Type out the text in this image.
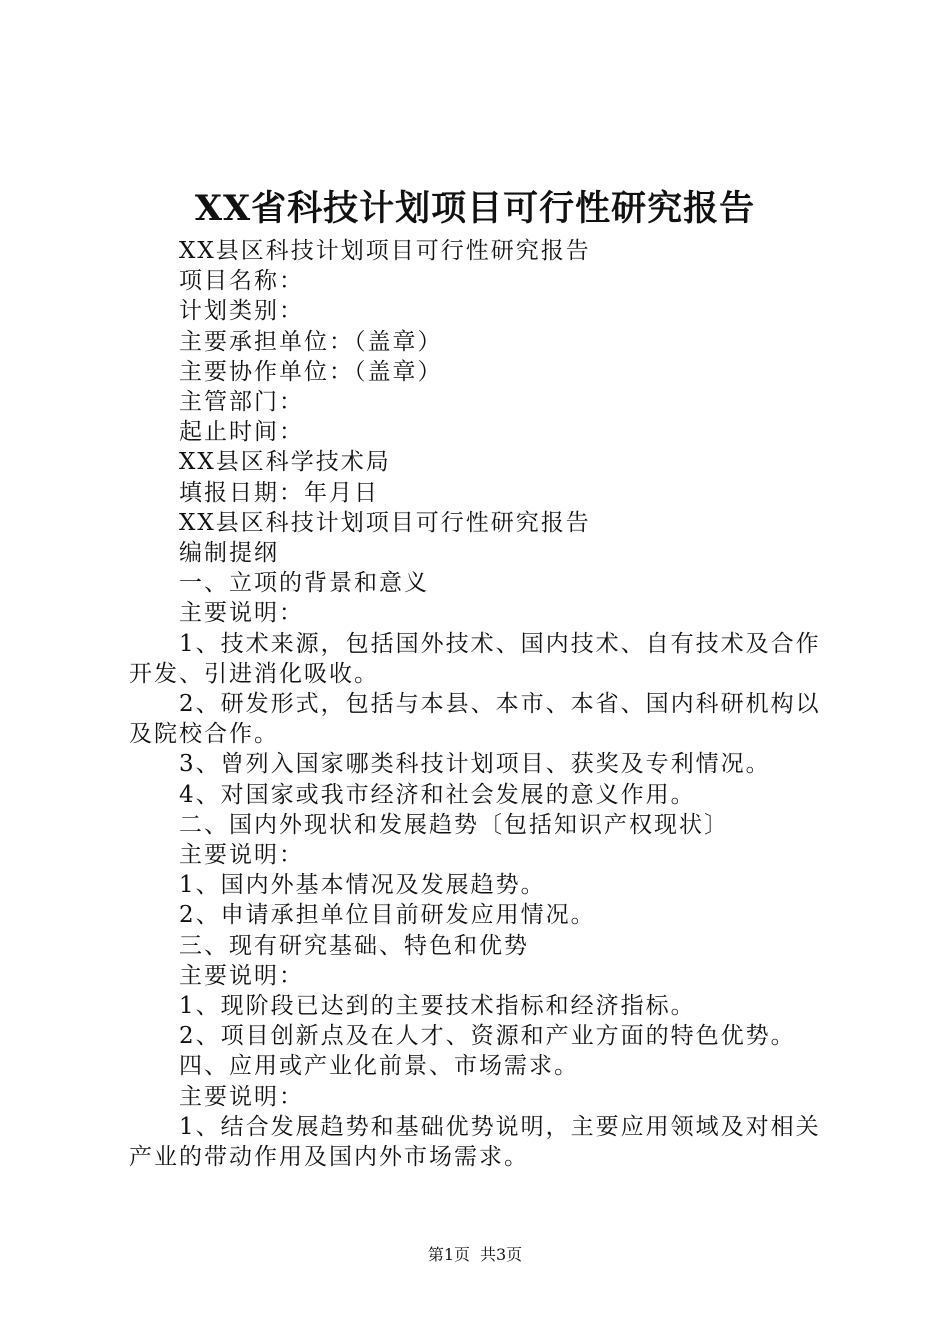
XX省科技计划项目可行性研究报告

XX县区科技计划项目可行性研究报告

项目名称：

计划类别：

主要承担单位：（盖章）

主要协作单位：（盖章）

主管部门：

起止时间：

XX县区科学技术局

填报日期：年月日

XX县区科技计划项目可行性研究报告

编制提纲

一、立项的背景和意义

主要说明：

1、技术来源，包括国外技术、国内技术、自有技术及合作开发、引进消化吸收。

2、研发形式，包括与本县、本市、本省、国内科研机构以及院校合作。

3、曾列入国家哪类科技计划项目、获奖及专利情况。

4、对国家或我市经济和社会发展的意义作用。

二、国内外现状和发展趋势〔包括知识产权现状〕

主要说明：

1、国内外基本情况及发展趋势。

2、申请承担单位目前研发应用情况。

三、现有研究基础、特色和优势

主要说明：

1、现阶段已达到的主要技术指标和经济指标。

2、项目创新点及在人才、资源和产业方面的特色优势。

四、应用或产业化前景、市场需求。

主要说明：

1、结合发展趋势和基础优势说明，主要应用领域及对相关产业的带动作用及国内外市场需求。

第1页 共3页
